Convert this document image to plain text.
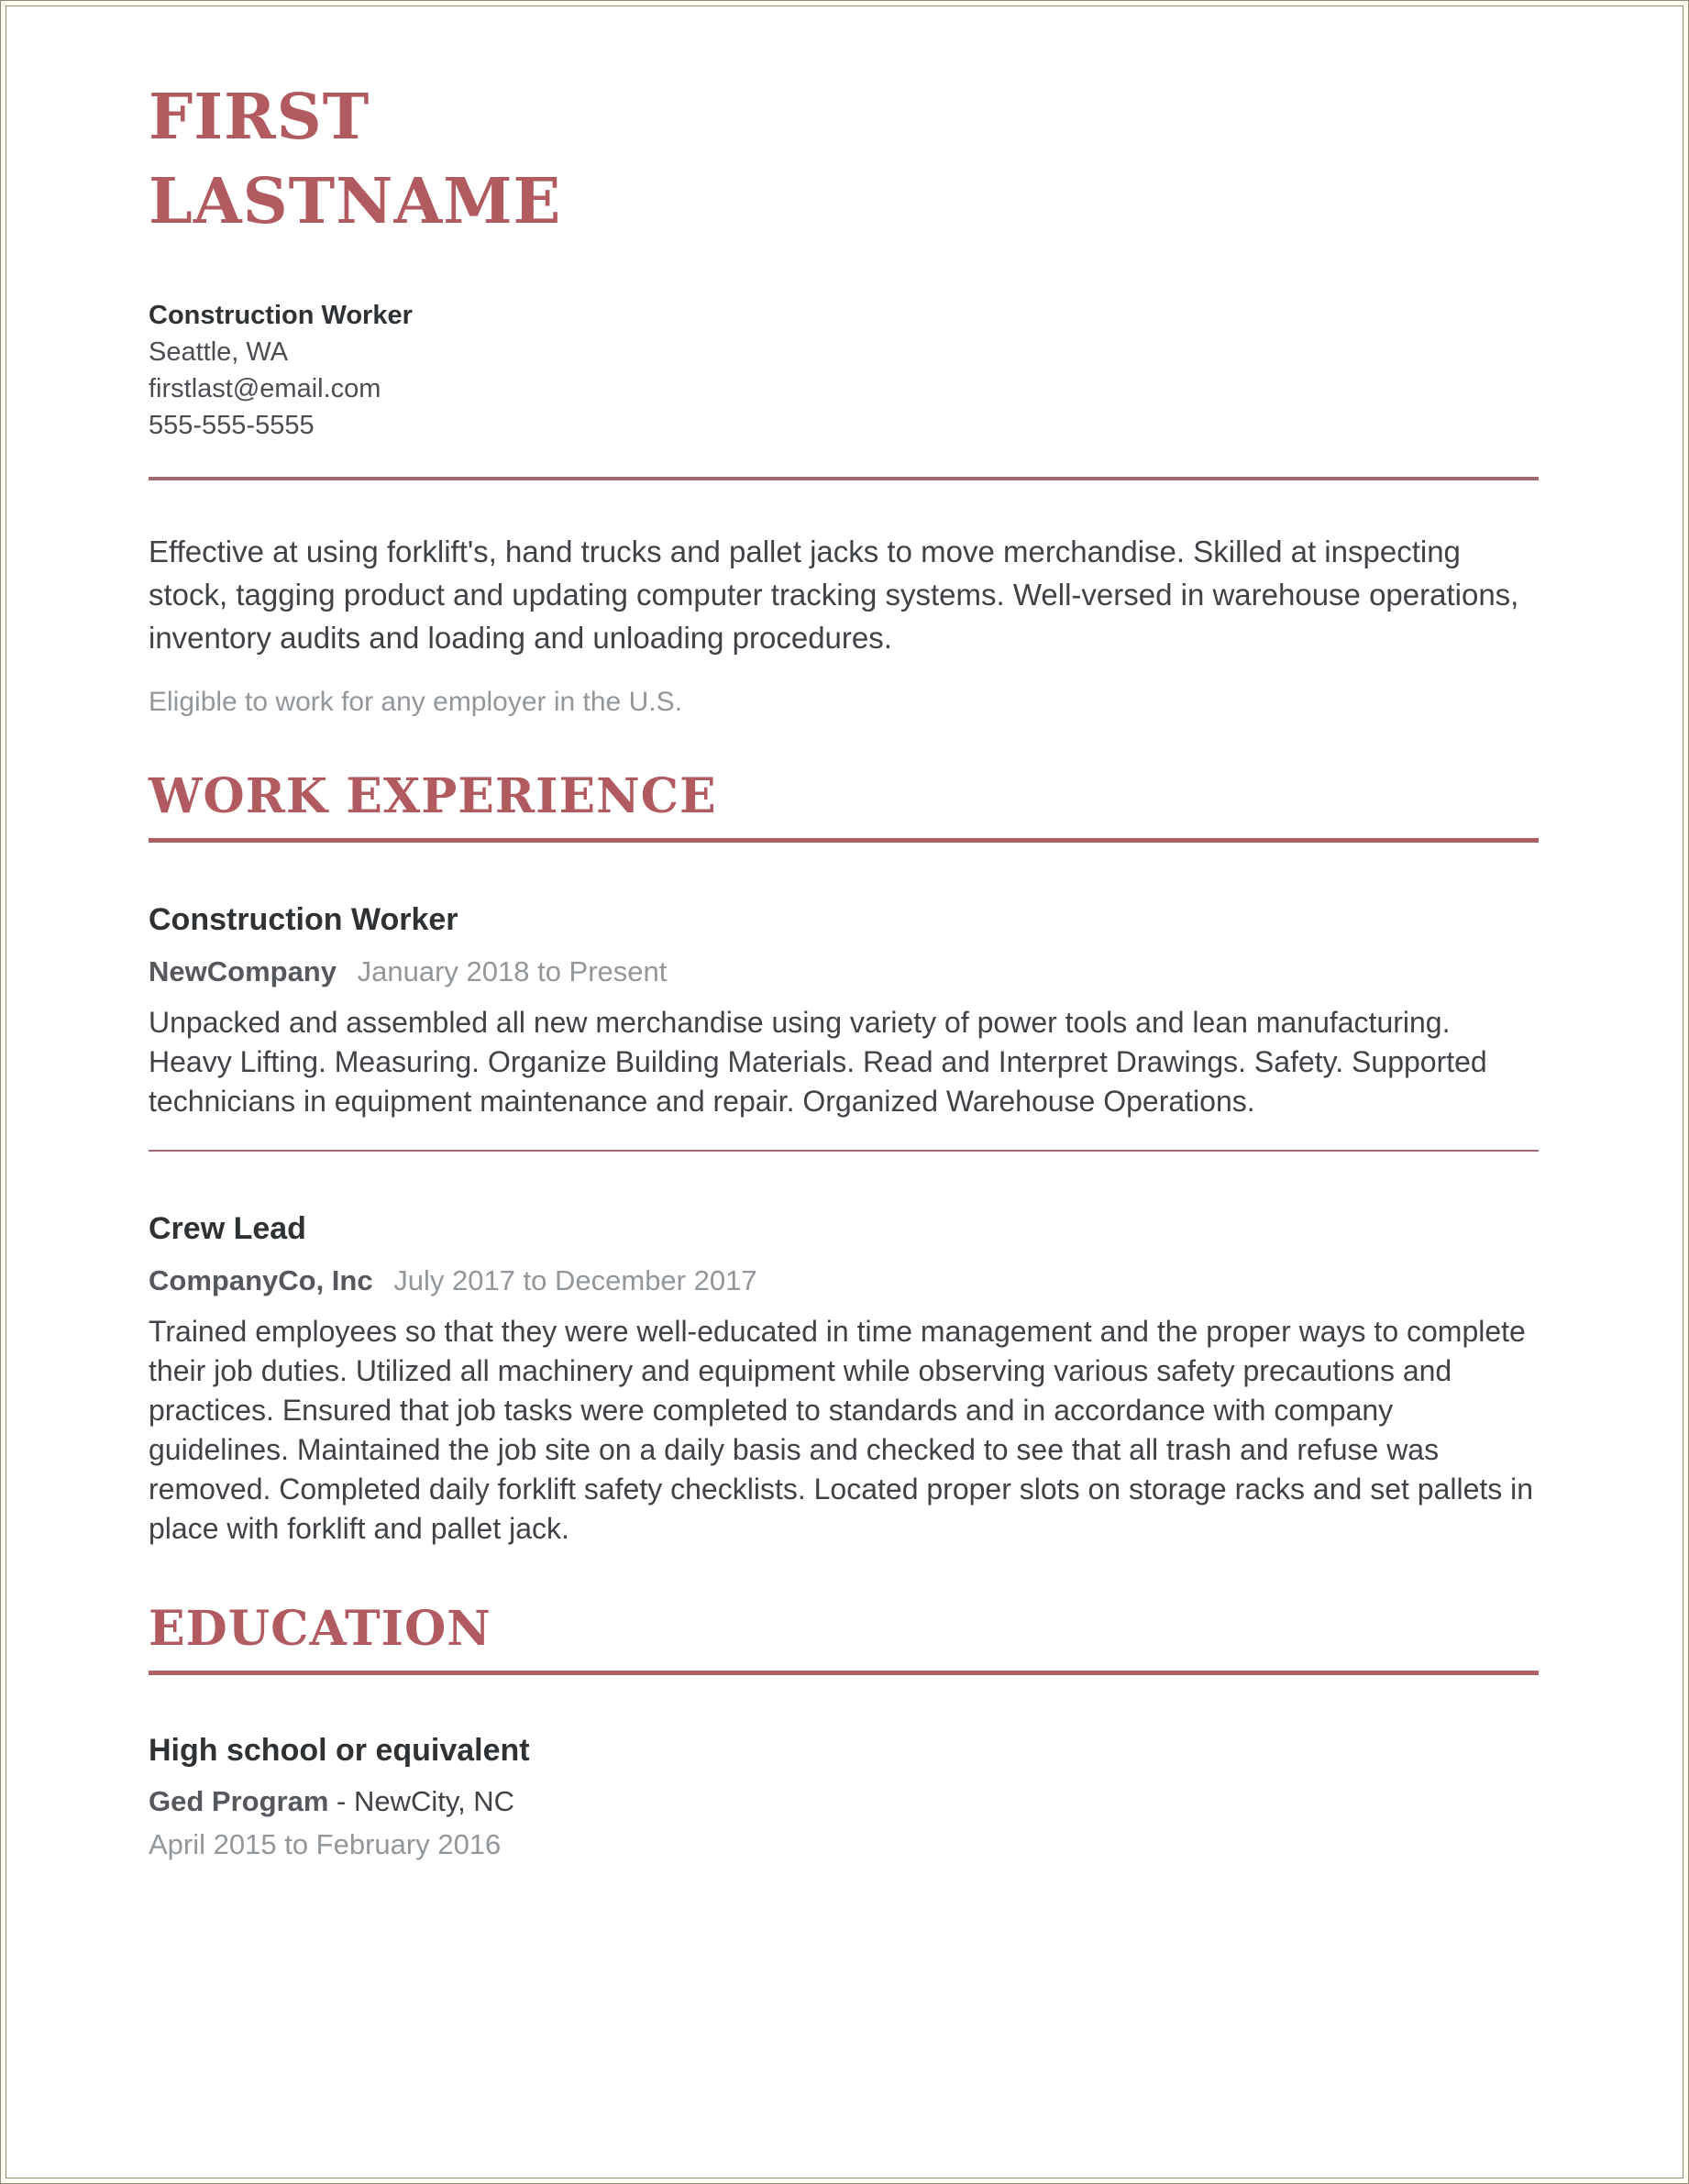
FIRST
LASTNAME
Construction Worker
Seattle, WA
firstlast@email.com
555-555-5555

Effective at using forklift's, hand trucks and pallet jacks to move merchandise. Skilled at inspecting stock, tagging product and updating computer tracking systems. Well-versed in warehouse operations, inventory audits and loading and unloading procedures.

Eligible to work for any employer in the U.S.

WORK EXPERIENCE
Construction Worker
NewCompany January 2018 to Present

Unpacked and assembled all new merchandise using variety of power tools and lean manufacturing. Heavy Lifting. Measuring. Organize Building Materials. Read and Interpret Drawings. Safety. Supported technicians in equipment maintenance and repair. Organized Warehouse Operations.

Crew Lead
CompanyCo, Inc July 2017 to December 2017

Trained employees so that they were well-educated in time management and the proper ways to complete their job duties. Utilized all machinery and equipment while observing various safety precautions and practices. Ensured that job tasks were completed to standards and in accordance with company guidelines. Maintained the job site on a daily basis and checked to see that all trash and refuse was removed. Completed daily forklift safety checklists. Located proper slots on storage racks and set pallets in place with forklift and pallet jack.

EDUCATION
High school or equivalent
Ged Program - NewCity, NC
April 2015 to February 2016
